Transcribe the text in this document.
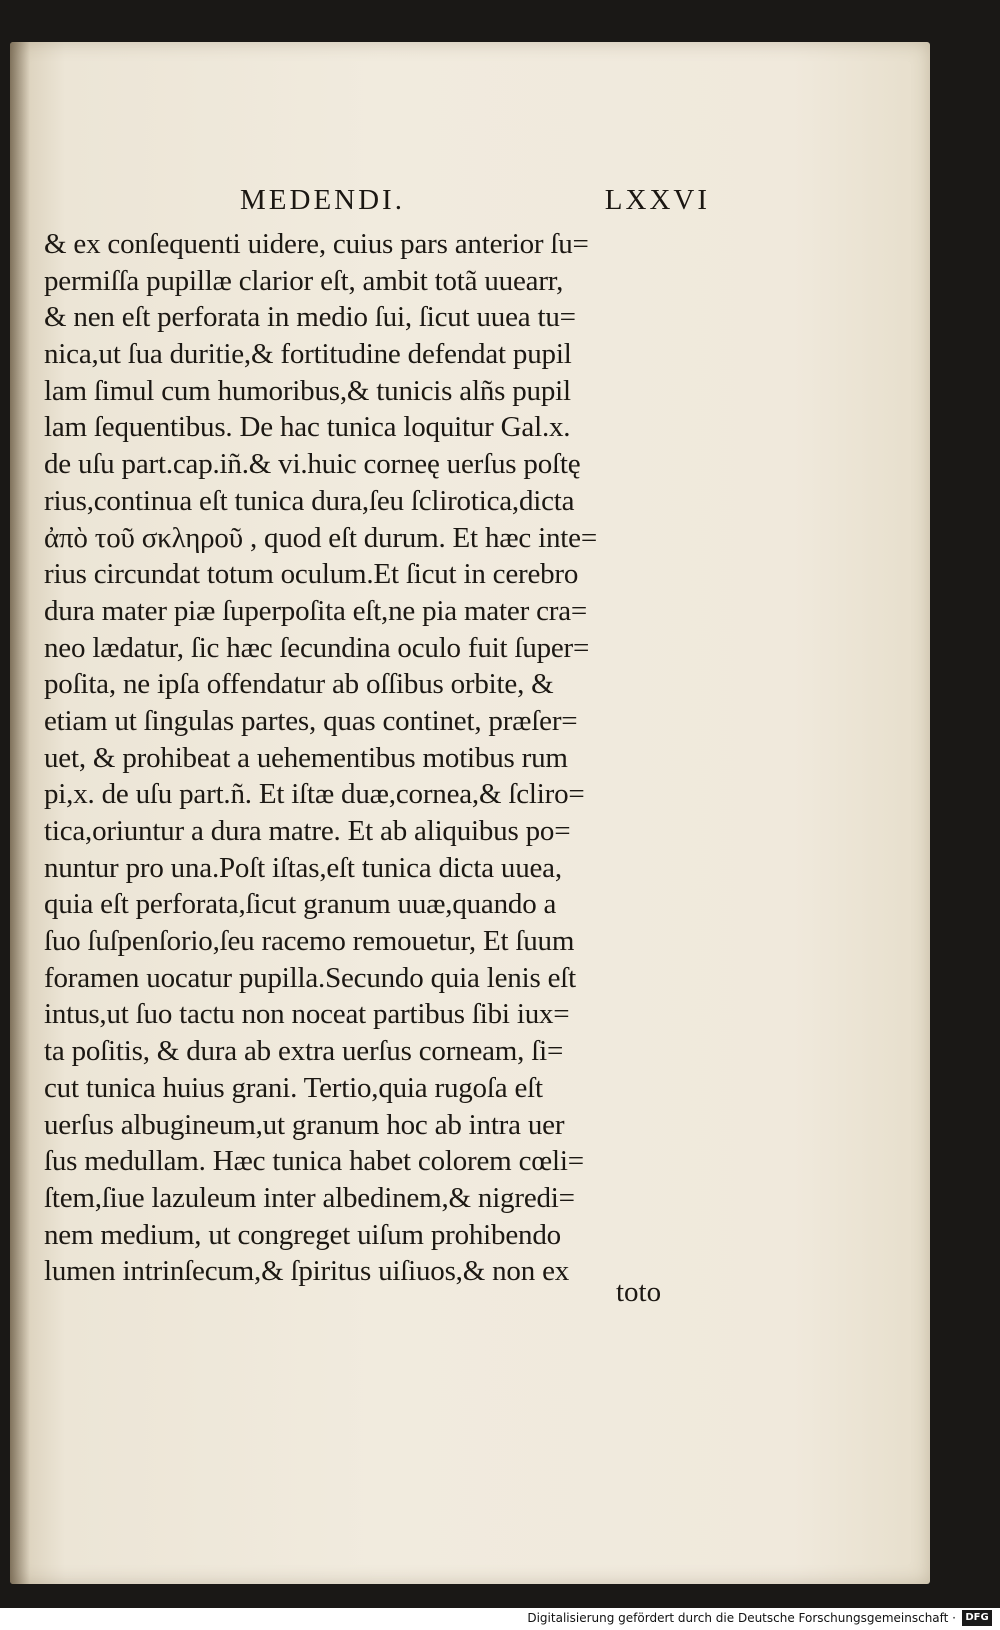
MEDENDI.	LXXVI
& ex conſequenti uidere, cuius pars anterior ſu=
permiſſa pupillæ clarior eſt, ambit totã uuearr,
& nen eſt perforata in medio ſui, ſicut uuea tu=
nica,ut ſua duritie,& fortitudine defendat pupil
lam ſimul cum humoribus,& tunicis alñs pupil
lam ſequentibus. De hac tunica loquitur Gal.x.
de uſu part.cap.iñ.& vi.huic corneę uerſus poſtę
rius,continua eſt tunica dura,ſeu ſclirotica,dicta
ἀπὸ τοῦ σκληροῦ , quod eſt durum. Et hæc inte=
rius circundat totum oculum.Et ſicut in cerebro
dura mater piæ ſuperpoſita eſt,ne pia mater cra=
neo lædatur, ſic hæc ſecundina oculo fuit ſuper=
poſita, ne ipſa offendatur ab oſſibus orbite, &
etiam ut ſingulas partes, quas continet, præſer=
uet, & prohibeat a uehementibus motibus rum
pi,x. de uſu part.ñ. Et iſtæ duæ,cornea,& ſcliro=
tica,oriuntur a dura matre. Et ab aliquibus po=
nuntur pro una.Poſt iſtas,eſt tunica dicta uuea,
quia eſt perforata,ſicut granum uuæ,quando a
ſuo ſuſpenſorio,ſeu racemo remouetur, Et ſuum
foramen uocatur pupilla.Secundo quia lenis eſt
intus,ut ſuo tactu non noceat partibus ſibi iux=
ta poſitis, & dura ab extra uerſus corneam, ſi=
cut tunica huius grani. Tertio,quia rugoſa eſt
uerſus albugineum,ut granum hoc ab intra uer
ſus medullam. Hæc tunica habet colorem cœli=
ſtem,ſiue lazuleum inter albedinem,& nigredi=
nem medium, ut congreget uiſum prohibendo
lumen intrinſecum,& ſpiritus uiſiuos,& non ex
toto
Digitalisierung gefördert durch die Deutsche Forschungsgemeinschaft · DFG
